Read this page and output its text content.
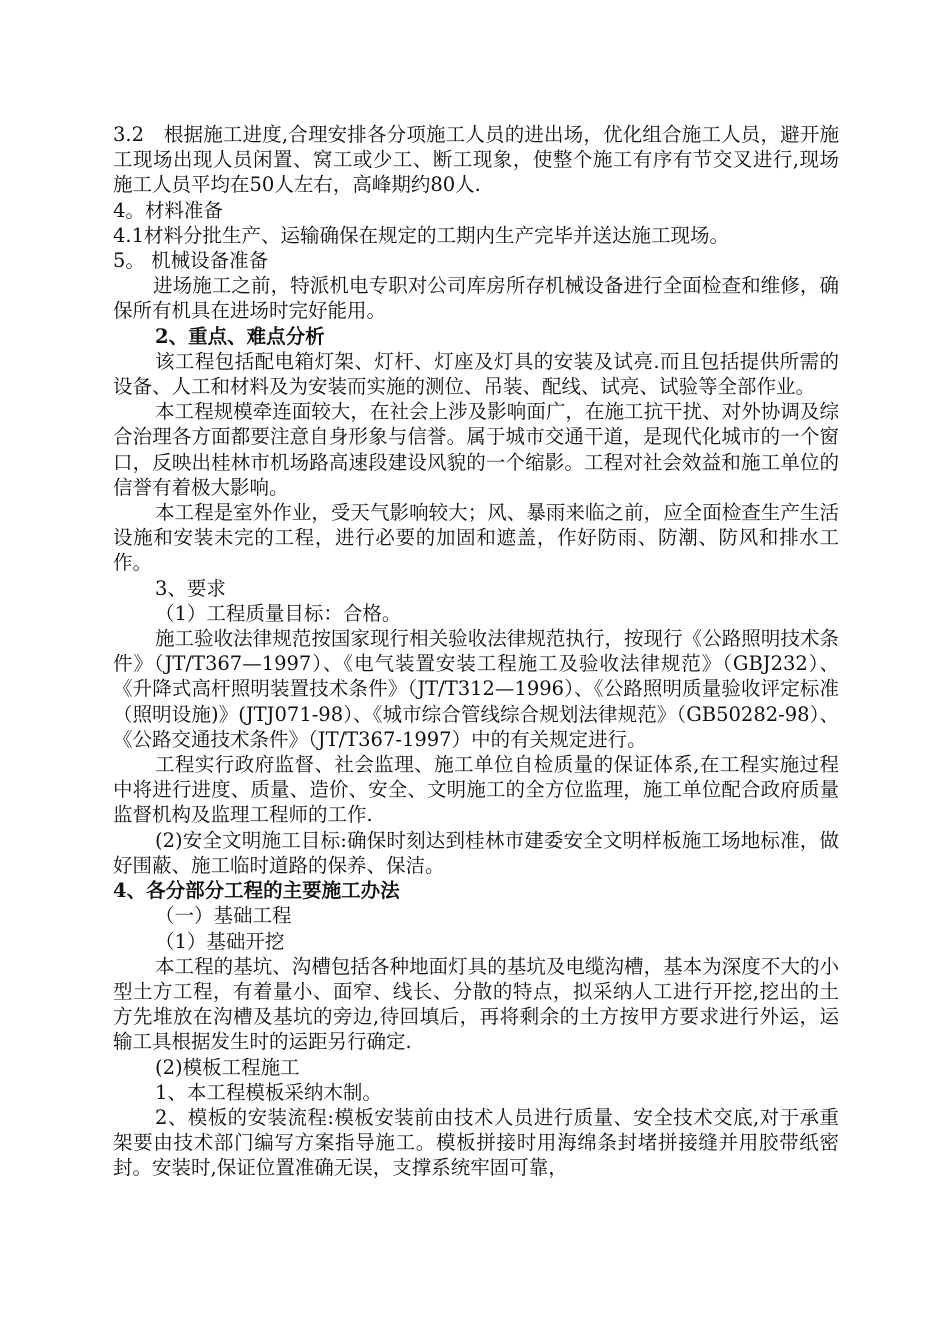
3.2　根据施工进度,合理安排各分项施工人员的进出场，优化组合施工人员，避开施工现场出现人员闲置、窝工或少工、断工现象，使整个施工有序有节交叉进行,现场施工人员平均在50人左右，高峰期约80人.

4。材料准备

4.1材料分批生产、运输确保在规定的工期内生产完毕并送达施工现场。

5。 机械设备准备

进场施工之前，特派机电专职对公司库房所存机械设备进行全面检查和维修，确保所有机具在进场时完好能用。

2、重点、难点分析

该工程包括配电箱灯架、灯杆、灯座及灯具的安装及试亮.而且包括提供所需的设备、人工和材料及为安装而实施的测位、吊装、配线、试亮、试验等全部作业。

本工程规模牵连面较大，在社会上涉及影响面广，在施工抗干扰、对外协调及综合治理各方面都要注意自身形象与信誉。属于城市交通干道，是现代化城市的一个窗口，反映出桂林市机场路高速段建设风貌的一个缩影。工程对社会效益和施工单位的信誉有着极大影响。

本工程是室外作业，受天气影响较大；风、暴雨来临之前，应全面检查生产生活设施和安装未完的工程，进行必要的加固和遮盖，作好防雨、防潮、防风和排水工作。

3、要求

（1）工程质量目标：合格。

施工验收法律规范按国家现行相关验收法律规范执行，按现行《公路照明技术条件》（JT/T367—1997）、《电气装置安装工程施工及验收法律规范》（GBJ232）、《升降式高杆照明装置技术条件》（JT/T312—1996）、《公路照明质量验收评定标准（照明设施)》(JTJ071-98）、《城市综合管线综合规划法律规范》（GB50282-98）、《公路交通技术条件》（JT/T367-1997）中的有关规定进行。

工程实行政府监督、社会监理、施工单位自检质量的保证体系,在工程实施过程中将进行进度、质量、造价、安全、文明施工的全方位监理，施工单位配合政府质量监督机构及监理工程师的工作.

(2)安全文明施工目标:确保时刻达到桂林市建委安全文明样板施工场地标准，做好围蔽、施工临时道路的保养、保洁。

4、各分部分工程的主要施工办法

（一）基础工程

（1）基础开挖

本工程的基坑、沟槽包括各种地面灯具的基坑及电缆沟槽，基本为深度不大的小型土方工程，有着量小、面窄、线长、分散的特点，拟采纳人工进行开挖,挖出的土方先堆放在沟槽及基坑的旁边,待回填后，再将剩余的土方按甲方要求进行外运，运输工具根据发生时的运距另行确定.

(2)模板工程施工

1、本工程模板采纳木制。

2、模板的安装流程:模板安装前由技术人员进行质量、安全技术交底,对于承重架要由技术部门编写方案指导施工。模板拼接时用海绵条封堵拼接缝并用胶带纸密封。安装时,保证位置准确无误，支撑系统牢固可靠，
